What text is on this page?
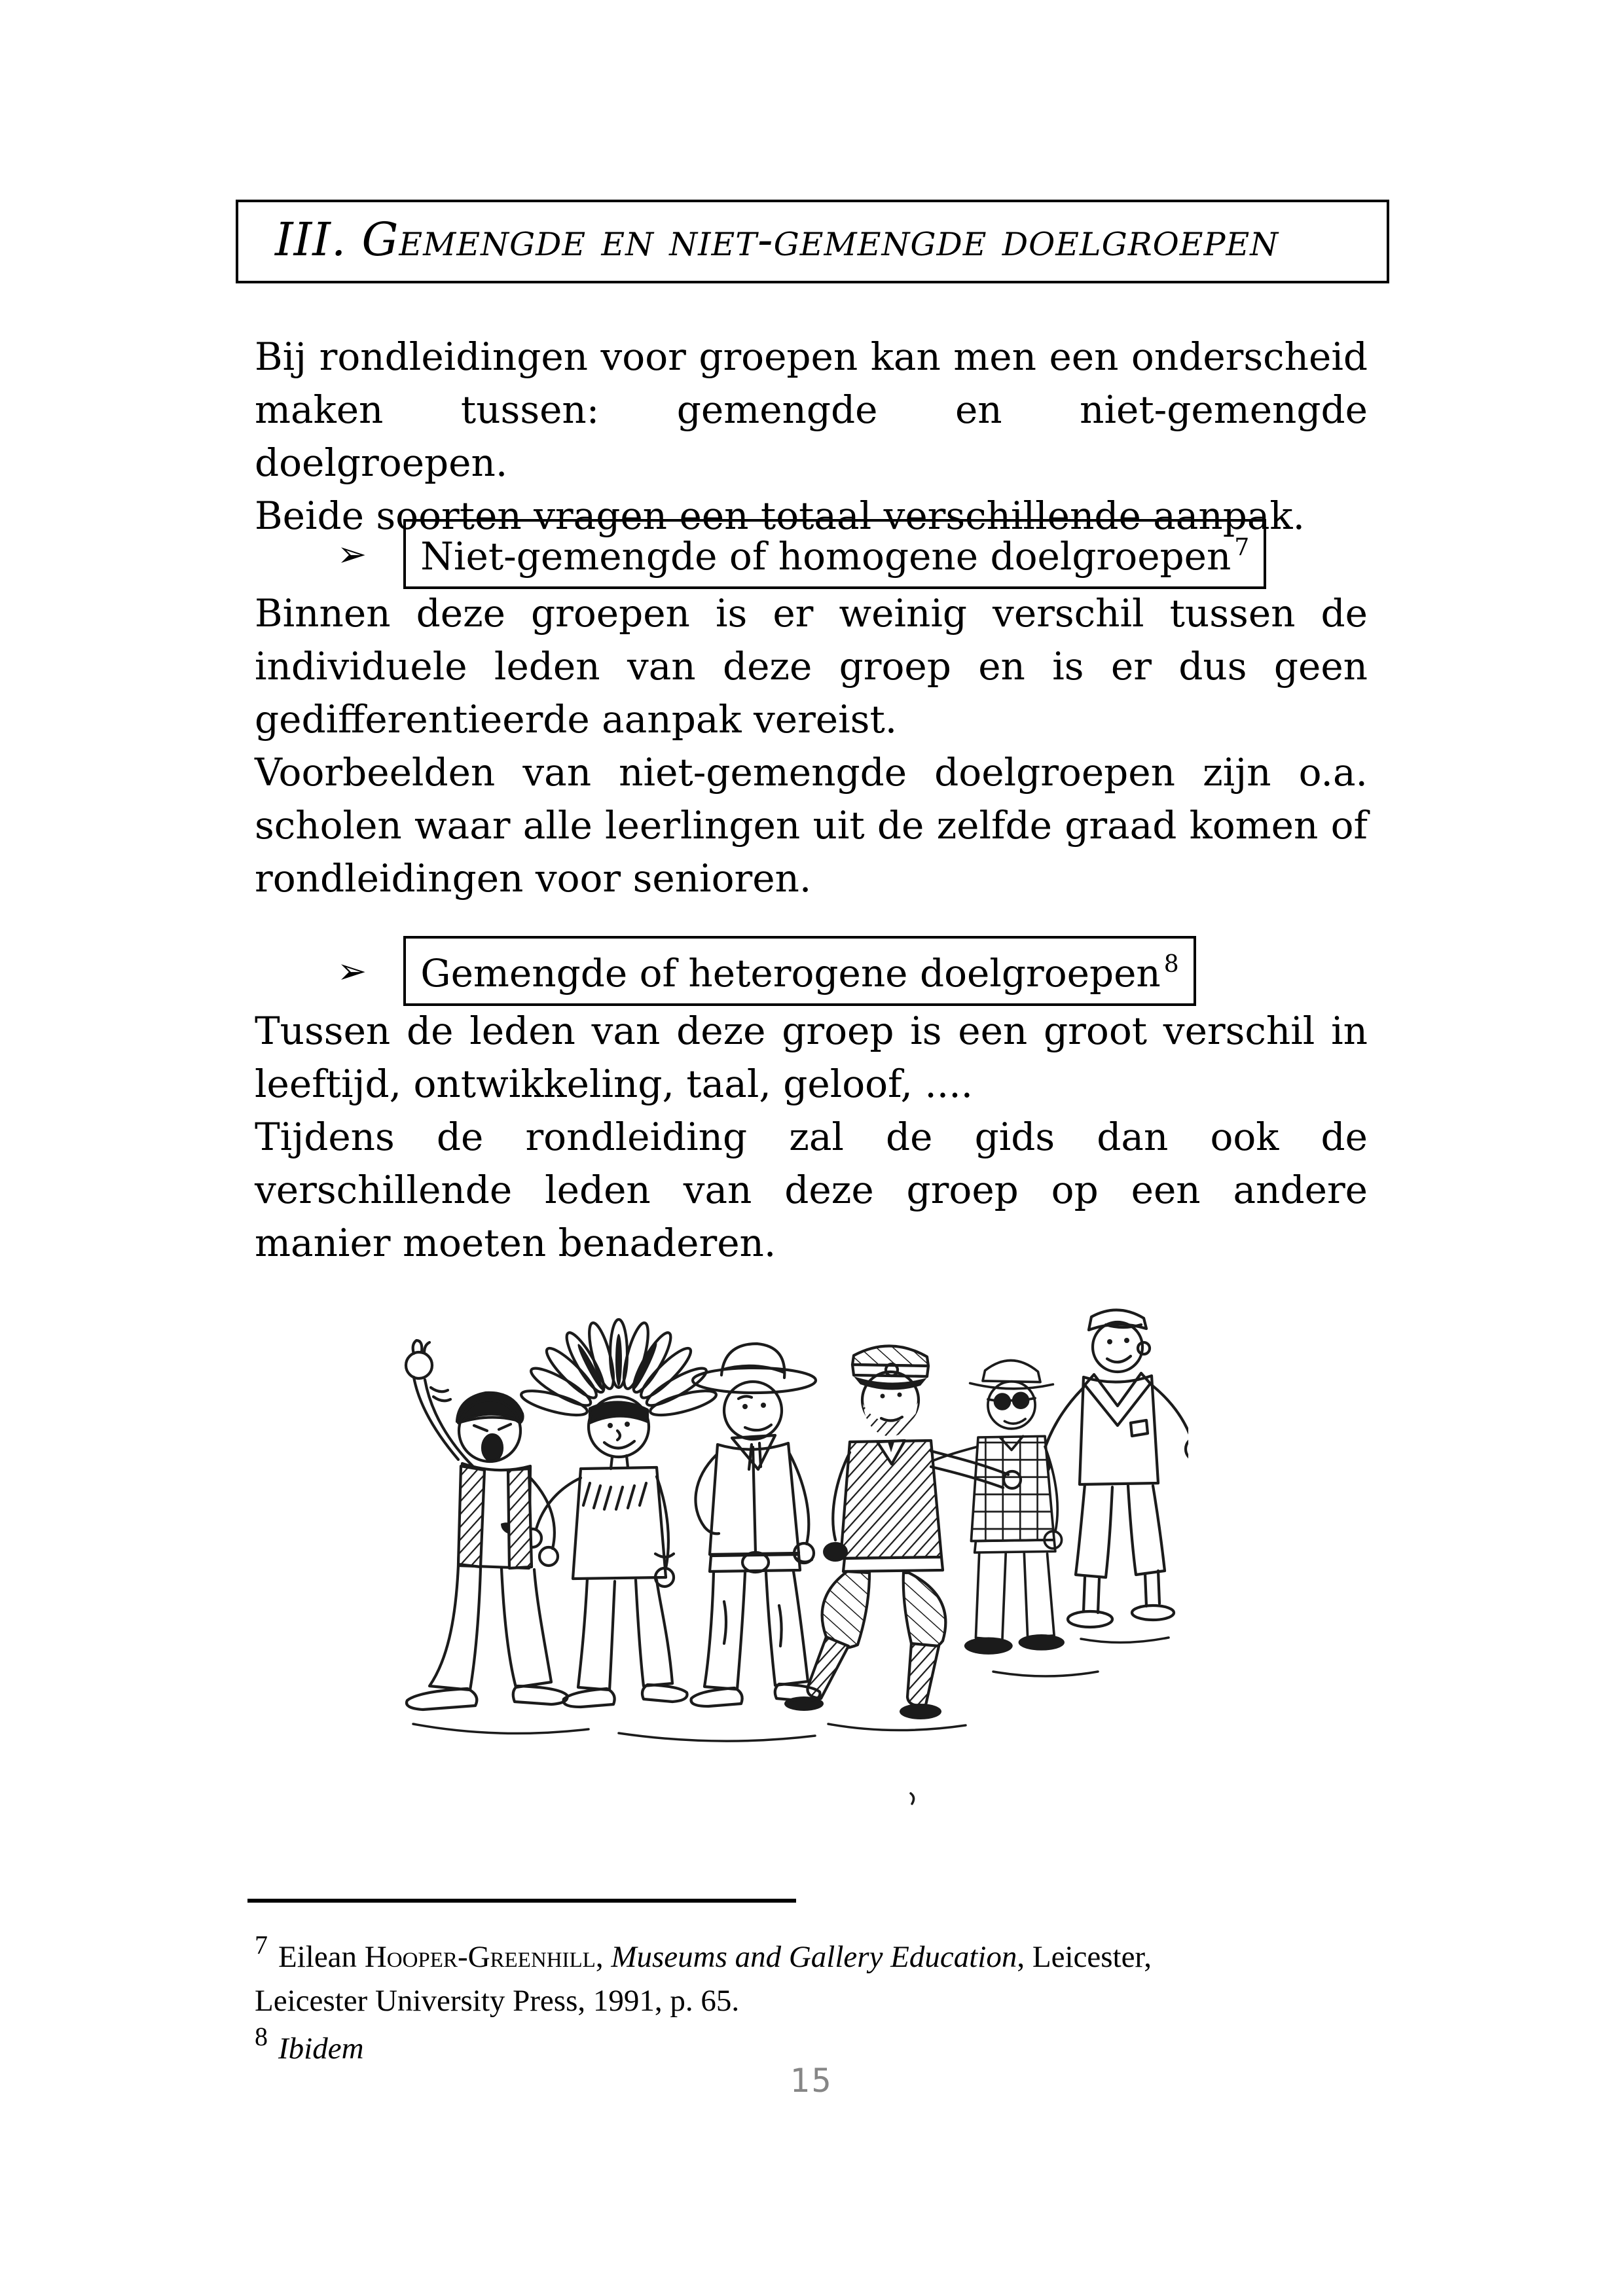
III. Gemengde en niet-gemengde doelgroepen
Bij rondleidingen voor groepen kan men een onderscheid
maken tussen: gemengde en niet-gemengde doelgroepen.
Beide soorten vragen een totaal verschillende aanpak.
➢	Niet-gemengde of homogene doelgroepen $^7$
Binnen deze groepen is er weinig verschil tussen de
individuele leden van deze groep en is er dus geen
gedifferentieerde aanpak vereist.
Voorbeelden van niet-gemengde doelgroepen zijn o.a.
scholen waar alle leerlingen uit de zelfde graad komen of
rondleidingen voor senioren.
➢	Gemengde of heterogene doelgroepen $^8$
Tussen de leden van deze groep is een groot verschil in
leeftijd, ontwikkeling, taal, geloof, ....
Tijdens de rondleiding zal de gids dan ook de
verschillende leden van deze groep op een andere
manier moeten benaderen.
$^7$ Eilean Hooper-Greenhill, Museums and Gallery Education, Leicester,
Leicester University Press, 1991, p. 65.
$^8$ Ibidem
15
